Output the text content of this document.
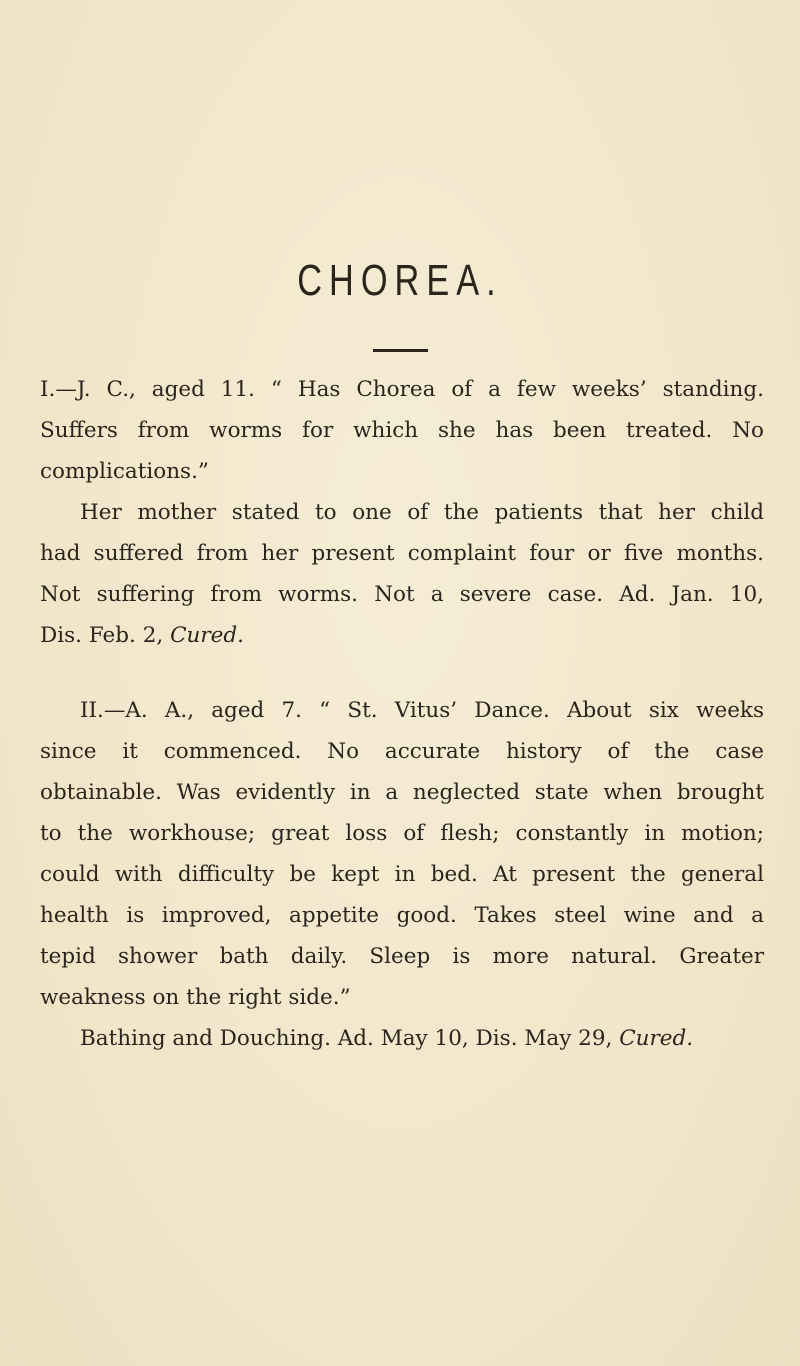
CHOREA.
I.—J. C., aged 11. “ Has Chorea of a few weeks’ standing.
Suffers from worms for which she has been treated. No
complications.”
Her mother stated to one of the patients that her child
had suffered from her present complaint four or five months.
Not suffering from worms. Not a severe case. Ad. Jan. 10,
Dis. Feb. 2, Cured.
II.—A. A., aged 7. “ St. Vitus’ Dance. About six weeks
since it commenced. No accurate history of the case
obtainable. Was evidently in a neglected state when brought
to the workhouse; great loss of flesh; constantly in motion;
could with difficulty be kept in bed. At present the general
health is improved, appetite good. Takes steel wine and a
tepid shower bath daily. Sleep is more natural. Greater
weakness on the right side.”
Bathing and Douching. Ad. May 10, Dis. May 29, Cured.
